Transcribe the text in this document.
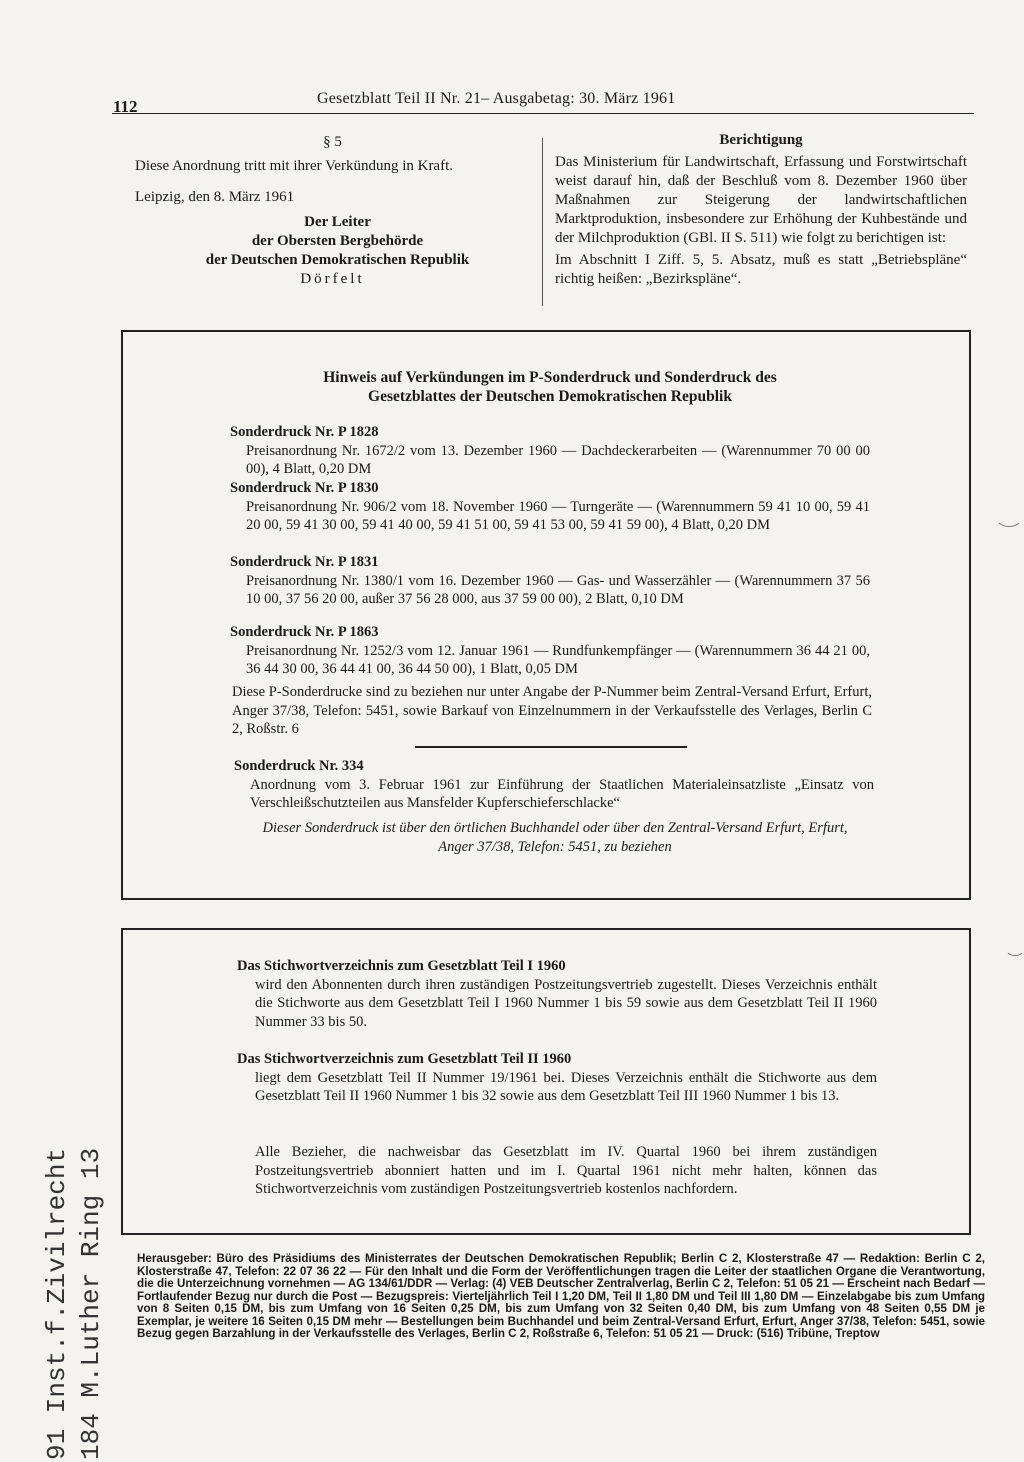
112	Gesetzblatt Teil II Nr. 21– Ausgabetag: 30. März 1961

§ 5

Diese Anordnung tritt mit ihrer Verkündung in Kraft.

Leipzig, den 8. März 1961

Der Leiter

der Obersten Bergbehörde

der Deutschen Demokratischen Republik

Dörfelt

Berichtigung

Das Ministerium für Landwirtschaft, Erfassung und Forstwirtschaft weist darauf hin, daß der Beschluß vom 8. Dezember 1960 über Maßnahmen zur Steigerung der landwirtschaftlichen Marktproduktion, insbesondere zur Erhöhung der Kuhbestände und der Milchproduktion (GBl. II S. 511) wie folgt zu berichtigen ist:

Im Abschnitt I Ziff. 5, 5. Absatz, muß es statt „Betriebspläne“ richtig heißen: „Bezirkspläne“.

Hinweis auf Verkündungen im P-Sonderdruck und Sonderdruck des
Gesetzblattes der Deutschen Demokratischen Republik
Sonderdruck Nr. P 1828
Preisanordnung Nr. 1672/2 vom 13. Dezember 1960 — Dachdeckerarbeiten — (Warennummer 70 00 00 00), 4 Blatt, 0,20 DM
Sonderdruck Nr. P 1830
Preisanordnung Nr. 906/2 vom 18. November 1960 — Turngeräte — (Warennummern 59 41 10 00, 59 41 20 00, 59 41 30 00, 59 41 40 00, 59 41 51 00, 59 41 53 00, 59 41 59 00), 4 Blatt, 0,20 DM
Sonderdruck Nr. P 1831
Preisanordnung Nr. 1380/1 vom 16. Dezember 1960 — Gas- und Wasserzähler — (Warennummern 37 56 10 00, 37 56 20 00, außer 37 56 28 000, aus 37 59 00 00), 2 Blatt, 0,10 DM
Sonderdruck Nr. P 1863
Preisanordnung Nr. 1252/3 vom 12. Januar 1961 — Rundfunkempfänger — (Warennummern 36 44 21 00, 36 44 30 00, 36 44 41 00, 36 44 50 00), 1 Blatt, 0,05 DM
Diese P-Sonderdrucke sind zu beziehen nur unter Angabe der P-Nummer beim Zentral-Versand Erfurt, Erfurt, Anger 37/38, Telefon: 5451, sowie Barkauf von Einzelnummern in der Verkaufsstelle des Verlages, Berlin C 2, Roßstr. 6
Sonderdruck Nr. 334
Anordnung vom 3. Februar 1961 zur Einführung der Staatlichen Materialeinsatzliste „Einsatz von Verschleißschutzteilen aus Mansfelder Kupferschieferschlacke“
Dieser Sonderdruck ist über den örtlichen Buchhandel oder über den Zentral-Versand Erfurt, Erfurt, Anger 37/38, Telefon: 5451, zu beziehen
Das Stichwortverzeichnis zum Gesetzblatt Teil I 1960
wird den Abonnenten durch ihren zuständigen Postzeitungsvertrieb zugestellt. Dieses Verzeichnis enthält die Stichworte aus dem Gesetzblatt Teil I 1960 Nummer 1 bis 59 sowie aus dem Gesetzblatt Teil II 1960 Nummer 33 bis 50.
Das Stichwortverzeichnis zum Gesetzblatt Teil II 1960
liegt dem Gesetzblatt Teil II Nummer 19/1961 bei. Dieses Verzeichnis enthält die Stichworte aus dem Gesetzblatt Teil II 1960 Nummer 1 bis 32 sowie aus dem Gesetzblatt Teil III 1960 Nummer 1 bis 13.
Alle Bezieher, die nachweisbar das Gesetzblatt im IV. Quartal 1960 bei ihrem zuständigen Postzeitungsvertrieb abonniert hatten und im I. Quartal 1961 nicht mehr halten, können das Stichwortverzeichnis vom zuständigen Postzeitungsvertrieb kostenlos nachfordern.
Herausgeber: Büro des Präsidiums des Ministerrates der Deutschen Demokratischen Republik; Berlin C 2, Klosterstraße 47 — Redaktion: Berlin C 2, Klosterstraße 47, Telefon: 22 07 36 22 — Für den Inhalt und die Form der Veröffentlichungen tragen die Leiter der staatlichen Organe die Verantwortung, die die Unterzeichnung vornehmen — AG 134/61/DDR — Verlag: (4) VEB Deutscher Zentralverlag, Berlin C 2, Telefon: 51 05 21 — Erscheint nach Bedarf — Fortlaufender Bezug nur durch die Post — Bezugspreis: Vierteljährlich Teil I 1,20 DM, Teil II 1,80 DM und Teil III 1,80 DM — Einzelabgabe bis zum Umfang von 8 Seiten 0,15 DM, bis zum Umfang von 16 Seiten 0,25 DM, bis zum Umfang von 32 Seiten 0,40 DM, bis zum Umfang von 48 Seiten 0,55 DM je Exemplar, je weitere 16 Seiten 0,15 DM mehr — Bestellungen beim Buchhandel und beim Zentral-Versand Erfurt, Erfurt, Anger 37/38, Telefon: 5451, sowie Bezug gegen Barzahlung in der Verkaufsstelle des Verlages, Berlin C 2, Roßstraße 6, Telefon: 51 05 21 — Druck: (516) Tribüne, Treptow
91 Inst.f.Zivilrecht 184 M.Luther Ring 13
